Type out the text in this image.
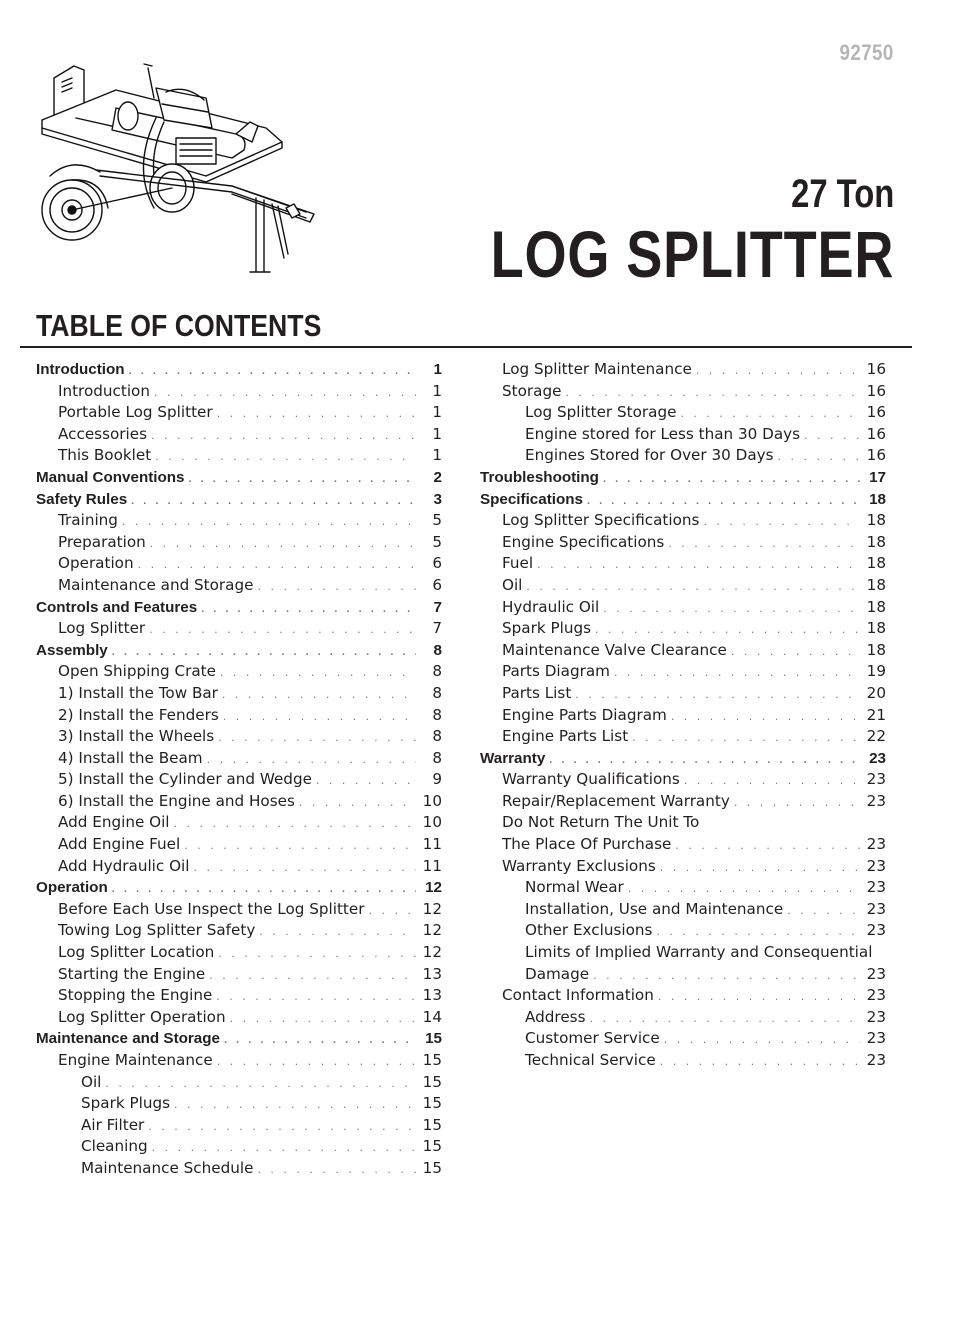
92750
27 Ton
LOG SPLITTER
TABLE OF CONTENTS
Introduction . . .	1
Introduction . . .	1
Portable Log Splitter . . .	1
Accessories . . .	1
This Booklet . . .	1
Manual Conventions . . .	2
Safety Rules . . .	3
Training . . .	5
Preparation . . .	5
Operation . . .	6
Maintenance and Storage . . .	6
Controls and Features . . .	7
Log Splitter . . .	7
Assembly . . .	8
Open Shipping Crate . . .	8
1) Install the Tow Bar . . .	8
2) Install the Fenders . . .	8
3) Install the Wheels . . .	8
4) Install the Beam . . .	8
5) Install the Cylinder and Wedge . . .	9
6) Install the Engine and Hoses . . .	10
Add Engine Oil . . .	10
Add Engine Fuel . . .	11
Add Hydraulic Oil . . .	11
Operation . . .	12
Before Each Use Inspect the Log Splitter . . .	12
Towing Log Splitter Safety . . .	12
Log Splitter Location . . .	12
Starting the Engine . . .	13
Stopping the Engine . . .	13
Log Splitter Operation . . .	14
Maintenance and Storage . . .	15
Engine Maintenance . . .	15
Oil . . .	15
Spark Plugs . . .	15
Air Filter . . .	15
Cleaning . . .	15
Maintenance Schedule . . .	15
Log Splitter Maintenance . . .	16
Storage . . .	16
Log Splitter Storage . . .	16
Engine stored for Less than 30 Days . . .	16
Engines Stored for Over 30 Days . . .	16
Troubleshooting . . .	17
Specifications . . .	18
Log Splitter Specifications . . .	18
Engine Specifications . . .	18
Fuel . . .	18
Oil . . .	18
Hydraulic Oil . . .	18
Spark Plugs . . .	18
Maintenance Valve Clearance . . .	18
Parts Diagram . . .	19
Parts List . . .	20
Engine Parts Diagram . . .	21
Engine Parts List . . .	22
Warranty . . .	23
Warranty Qualifications . . .	23
Repair/Replacement Warranty . . .	23
Do Not Return The Unit To
The Place Of Purchase . . .	23
Warranty Exclusions . . .	23
Normal Wear . . .	23
Installation, Use and Maintenance . . .	23
Other Exclusions . . .	23
Limits of Implied Warranty and Consequential
Damage . . .	23
Contact Information . . .	23
Address . . .	23
Customer Service . . .	23
Technical Service . . .	23
